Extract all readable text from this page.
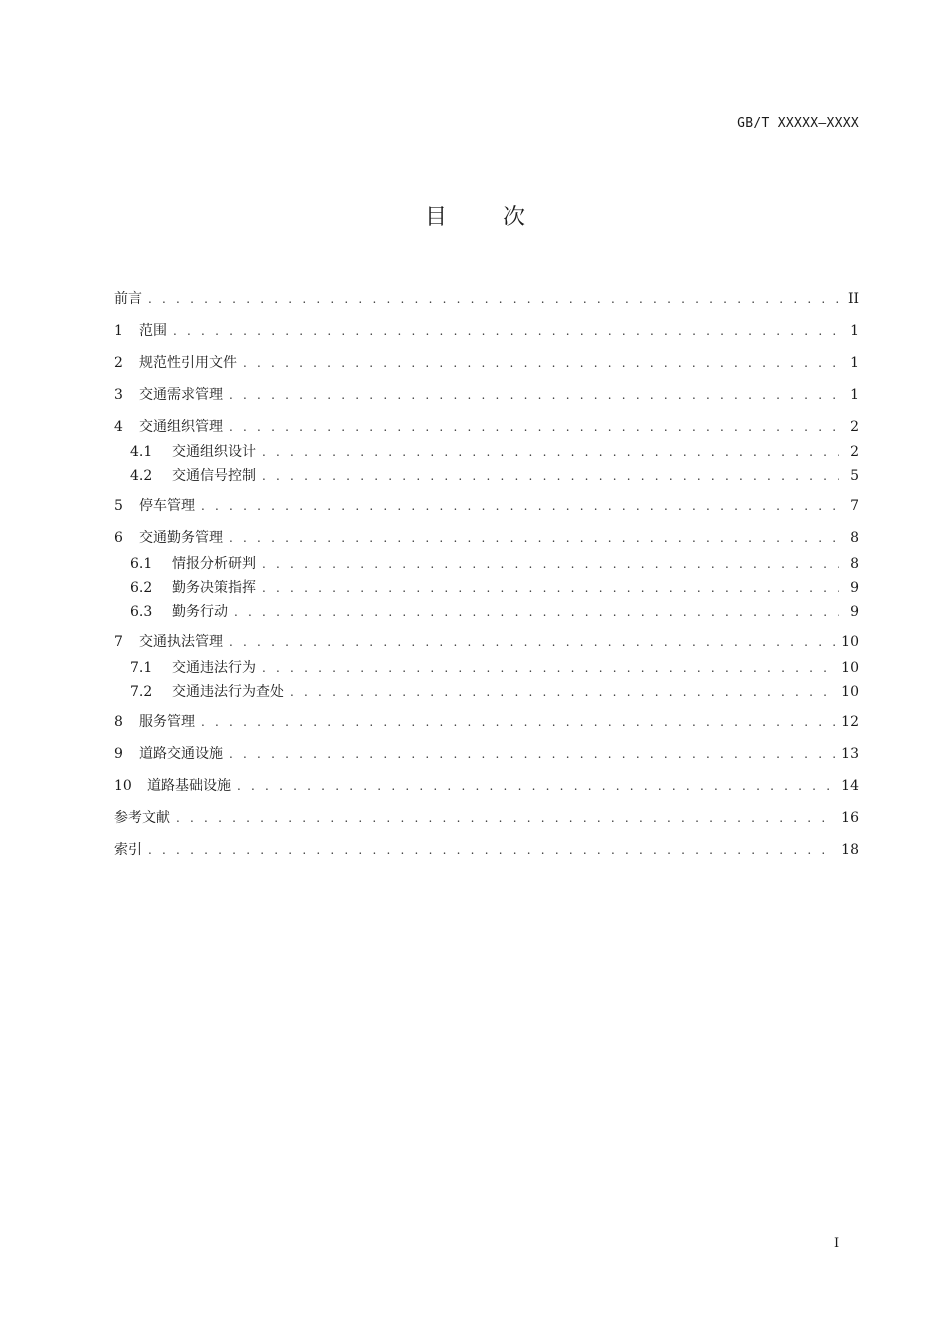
GB/T XXXXX—XXXX
目次
前言 . . .	II
1	范围 . . .	1
2	规范性引用文件 . . .	1
3	交通需求管理 . . .	1
4	交通组织管理 . . .	2
4.1	交通组织设计 . . .	2
4.2	交通信号控制 . . .	5
5	停车管理 . . .	7
6	交通勤务管理 . . .	8
6.1	情报分析研判 . . .	8
6.2	勤务决策指挥 . . .	9
6.3	勤务行动 . . .	9
7	交通执法管理 . . .	10
7.1	交通违法行为 . . .	10
7.2	交通违法行为查处 . . .	10
8	服务管理 . . .	12
9	道路交通设施 . . .	13
10	道路基础设施 . . .	14
参考文献 . . .	16
索引 . . .	18
I
